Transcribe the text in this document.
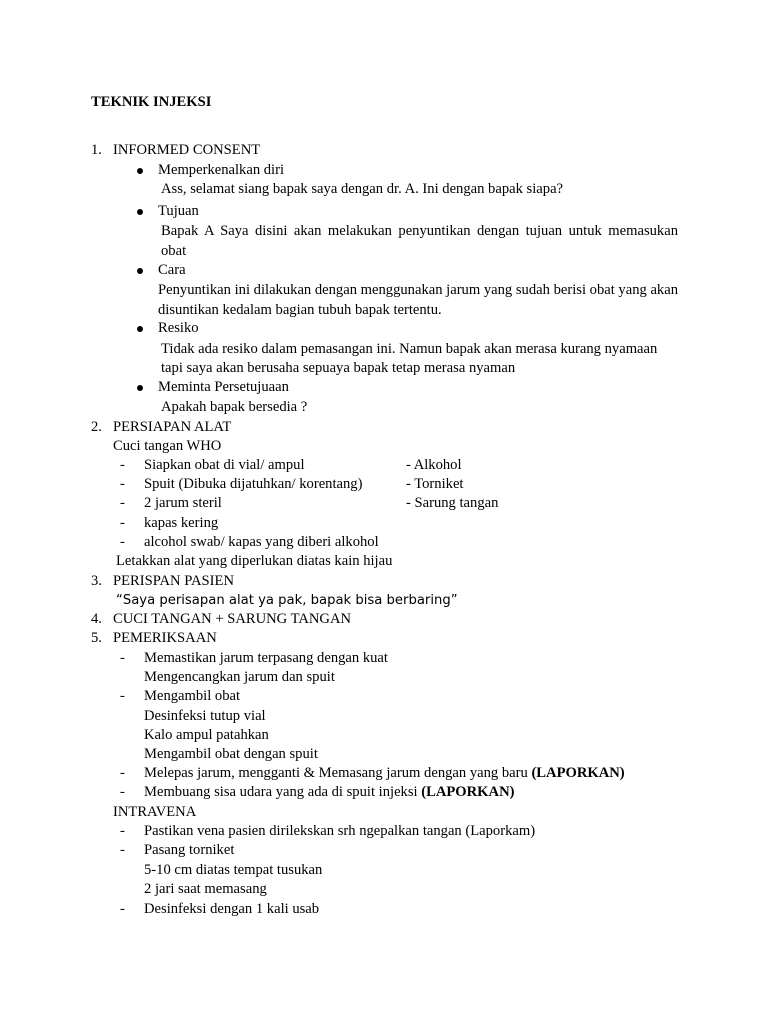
TEKNIK INJEKSI
1. INFORMED CONSENT
Memperkenalkan diri
Ass, selamat siang bapak saya dengan dr. A. Ini dengan bapak siapa?
Tujuan
Bapak A Saya disini akan melakukan penyuntikan dengan tujuan untuk memasukan obat
Cara
Penyuntikan ini dilakukan dengan menggunakan jarum yang sudah berisi obat yang akan disuntikan kedalam bagian tubuh bapak tertentu.
Resiko
Tidak ada resiko dalam pemasangan ini. Namun bapak akan merasa kurang nyamaan
tapi saya akan berusaha sepuaya bapak tetap merasa nyaman
Meminta Persetujuaan
Apakah bapak bersedia ?
2. PERSIAPAN ALAT
Cuci tangan WHO
- Siapkan obat di vial/ ampul	- Alkohol
- Spuit (Dibuka dijatuhkan/ korentang)	- Torniket
- 2 jarum steril	- Sarung tangan
- kapas kering
- alcohol swab/ kapas yang diberi alkohol
Letakkan alat yang diperlukan diatas kain hijau
3. PERISPAN PASIEN
“Saya perisapan alat ya pak, bapak bisa berbaring”
4. CUCI TANGAN + SARUNG TANGAN
5. PEMERIKSAAN
- Memastikan jarum terpasang dengan kuat
Mengencangkan jarum dan spuit
- Mengambil obat
Desinfeksi tutup vial
Kalo ampul patahkan
Mengambil obat dengan spuit
- Melepas jarum, mengganti & Memasang jarum dengan yang baru (LAPORKAN)
- Membuang sisa udara yang ada di spuit injeksi (LAPORKAN)
INTRAVENA
- Pastikan vena pasien dirilekskan srh ngepalkan tangan (Laporkam)
- Pasang torniket
5-10 cm diatas tempat tusukan
2 jari saat memasang
- Desinfeksi dengan 1 kali usab
